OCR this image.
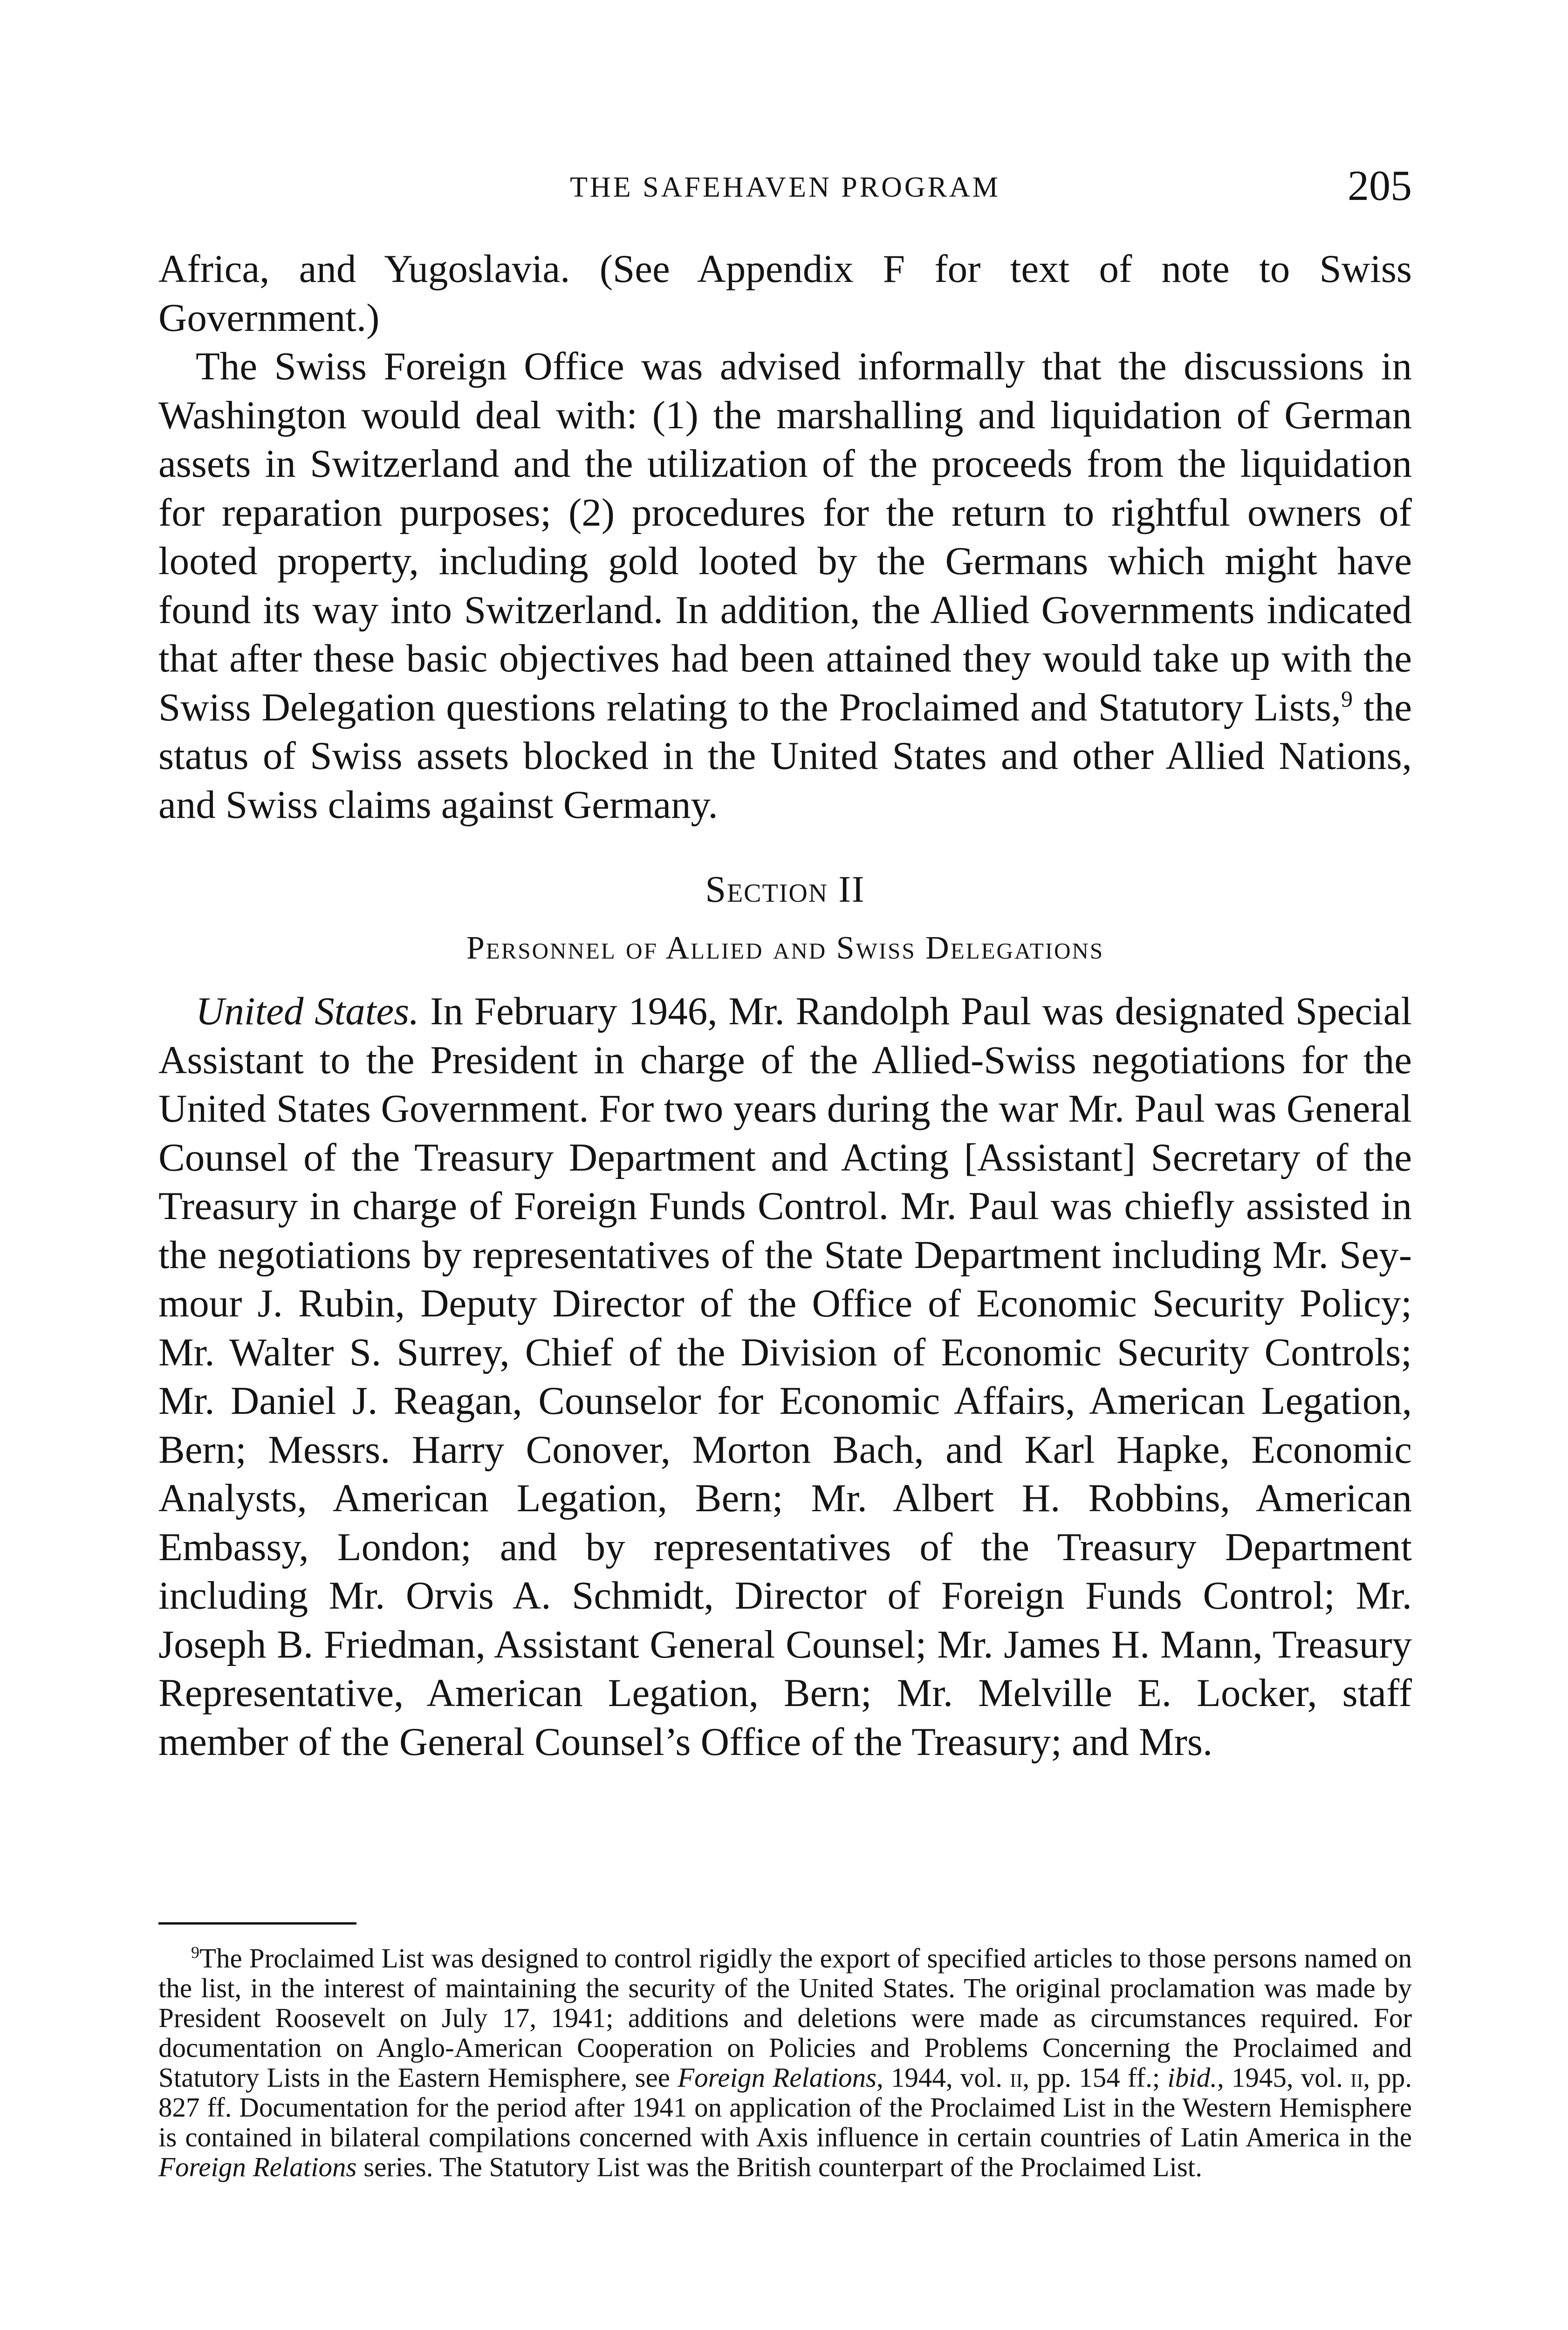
THE SAFEHAVEN PROGRAM	205

Africa, and Yugoslavia. (See Appendix F for text of note to Swiss Government.)

The Swiss Foreign Office was advised informally that the discussions in Washington would deal with: (1) the marshalling and liquidation of German assets in Switzerland and the utilization of the proceeds from the liquidation for reparation purposes; (2) procedures for the return to rightful owners of looted property, including gold looted by the Germans which might have found its way into Switzerland. In addition, the Allied Governments indicated that after these basic objectives had been attained they would take up with the Swiss Delegation questions relating to the Proclaimed and Statutory Lists,$^9$ the status of Swiss assets blocked in the United States and other Allied Nations, and Swiss claims against Germany.

Section II
Personnel of Allied and Swiss Delegations

United States. In February 1946, Mr. Randolph Paul was designated Special Assistant to the President in charge of the Allied-Swiss negotiations for the United States Government. For two years during the war Mr. Paul was General Counsel of the Treasury Department and Acting [Assistant] Secretary of the Treasury in charge of Foreign Funds Control. Mr. Paul was chiefly assisted in the negotiations by representatives of the State Department including Mr. Seymour J. Rubin, Deputy Director of the Office of Economic Security Policy; Mr. Walter S. Surrey, Chief of the Division of Economic Security Controls; Mr. Daniel J. Reagan, Counselor for Economic Affairs, American Legation, Bern; Messrs. Harry Conover, Morton Bach, and Karl Hapke, Economic Analysts, American Legation, Bern; Mr. Albert H. Robbins, American Embassy, London; and by representatives of the Treasury Department including Mr. Orvis A. Schmidt, Director of Foreign Funds Control; Mr. Joseph B. Friedman, Assistant General Counsel; Mr. James H. Mann, Treasury Representative, American Legation, Bern; Mr. Melville E. Locker, staff member of the General Counsel’s Office of the Treasury; and Mrs.

$^9$The Proclaimed List was designed to control rigidly the export of specified articles to those persons named on the list, in the interest of maintaining the security of the United States. The original proclamation was made by President Roosevelt on July 17, 1941; additions and deletions were made as circumstances required. For documentation on Anglo-American Cooperation on Policies and Problems Concerning the Proclaimed and Statutory Lists in the Eastern Hemisphere, see Foreign Relations, 1944, vol. ii, pp. 154 ff.; ibid., 1945, vol. ii, pp. 827 ff. Documentation for the period after 1941 on application of the Proclaimed List in the Western Hemisphere is contained in bilateral compilations concerned with Axis influence in certain countries of Latin America in the Foreign Relations series. The Statutory List was the British counterpart of the Proclaimed List.
